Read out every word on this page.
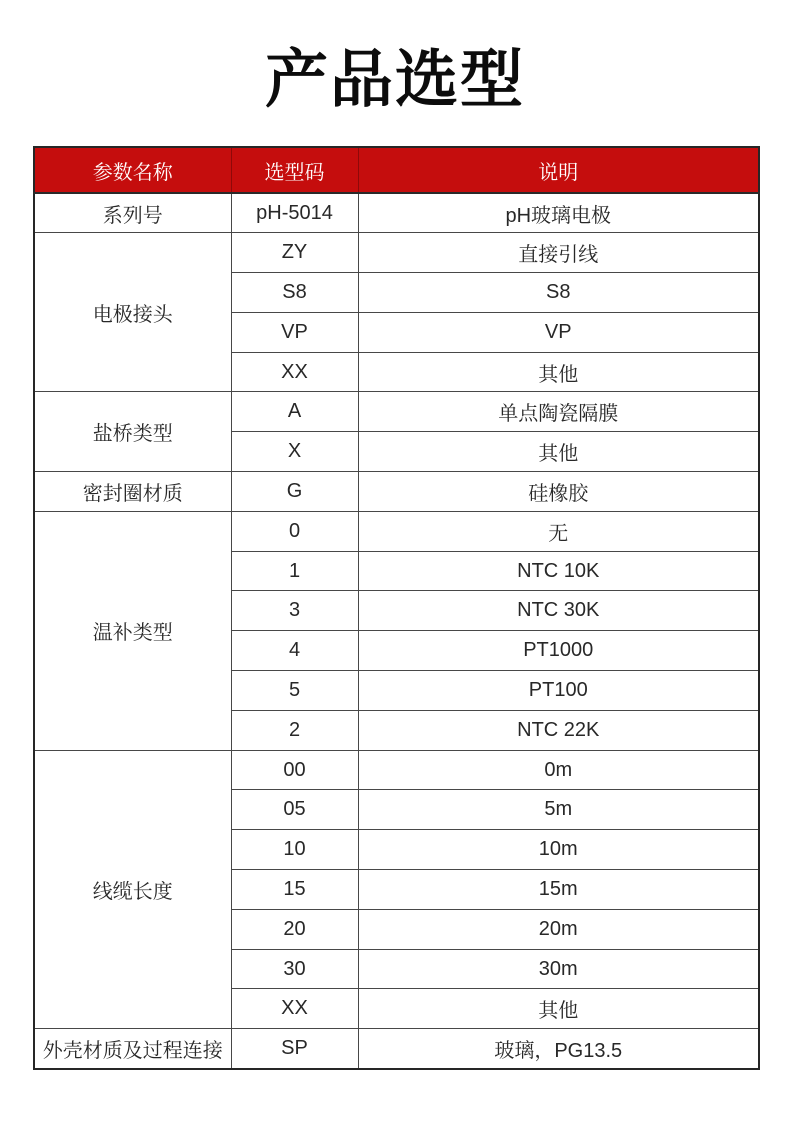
产品选型
参数名称	选型码	说明
系列号	pH-5014	pH玻璃电极
电极接头	ZY	直接引线
	S8	S8
	VP	VP
	XX	其他
盐桥类型	A	单点陶瓷隔膜
	X	其他
密封圈材质	G	硅橡胶
温补类型	0	无
	1	NTC 10K
	3	NTC 30K
	4	PT1000
	5	PT100
	2	NTC 22K
线缆长度	00	0m
	05	5m
	10	10m
	15	15m
	20	20m
	30	30m
	XX	其他
外壳材质及过程连接	SP	玻璃，PG13.5
